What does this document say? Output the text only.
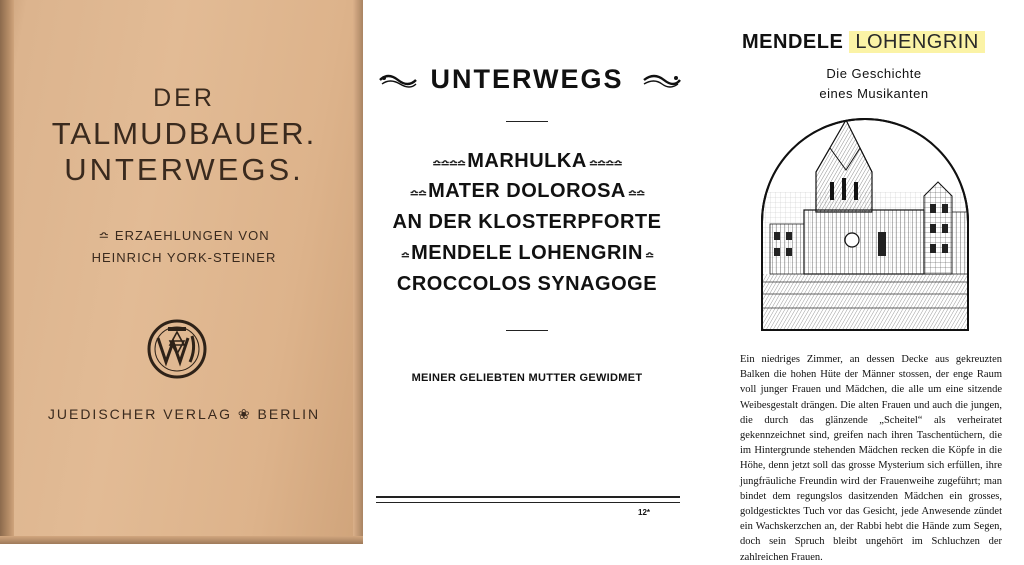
DER

TALMUDBAUER.

UNTERWEGS.

≏ ERZAEHLUNGEN VON

HEINRICH YORK-STEINER

JUEDISCHER VERLAG ❀ BERLIN

UNTERWEGS

≏≏≏≏ MARHULKA ≏≏≏≏

≏≏ MATER DOLOROSA ≏≏

AN DER KLOSTERPFORTE

≏ MENDELE LOHENGRIN ≏

CROCCOLOS SYNAGOGE

MEINER GELIEBTEN MUTTER GEWIDMET

12*

MENDELE LOHENGRIN

Die Geschichte

eines Musikanten

Ein niedriges Zimmer, an dessen Decke aus gekreuzten Balken die hohen Hüte der Männer stossen, der enge Raum voll junger Frauen und Mädchen, die alle um eine sitzende Weibesgestalt drängen. Die alten Frauen und auch die jungen, die durch das glänzende „Scheitel“ als verheiratet gekennzeichnet sind, greifen nach ihren Taschentüchern, die im Hintergrunde stehenden Mädchen recken die Köpfe in die Höhe, denn jetzt soll das grosse Mysterium sich erfüllen, ihre jungfräuliche Freundin wird der Frauenweihe zugeführt; man bindet dem regungslos dasitzenden Mädchen ein grosses, goldgesticktes Tuch vor das Gesicht, jede Anwesende zündet ein Wachskerzchen an, der Rabbi hebt die Hände zum Segen, doch sein Spruch bleibt ungehört im Schluchzen der zahlreichen Frauen.
